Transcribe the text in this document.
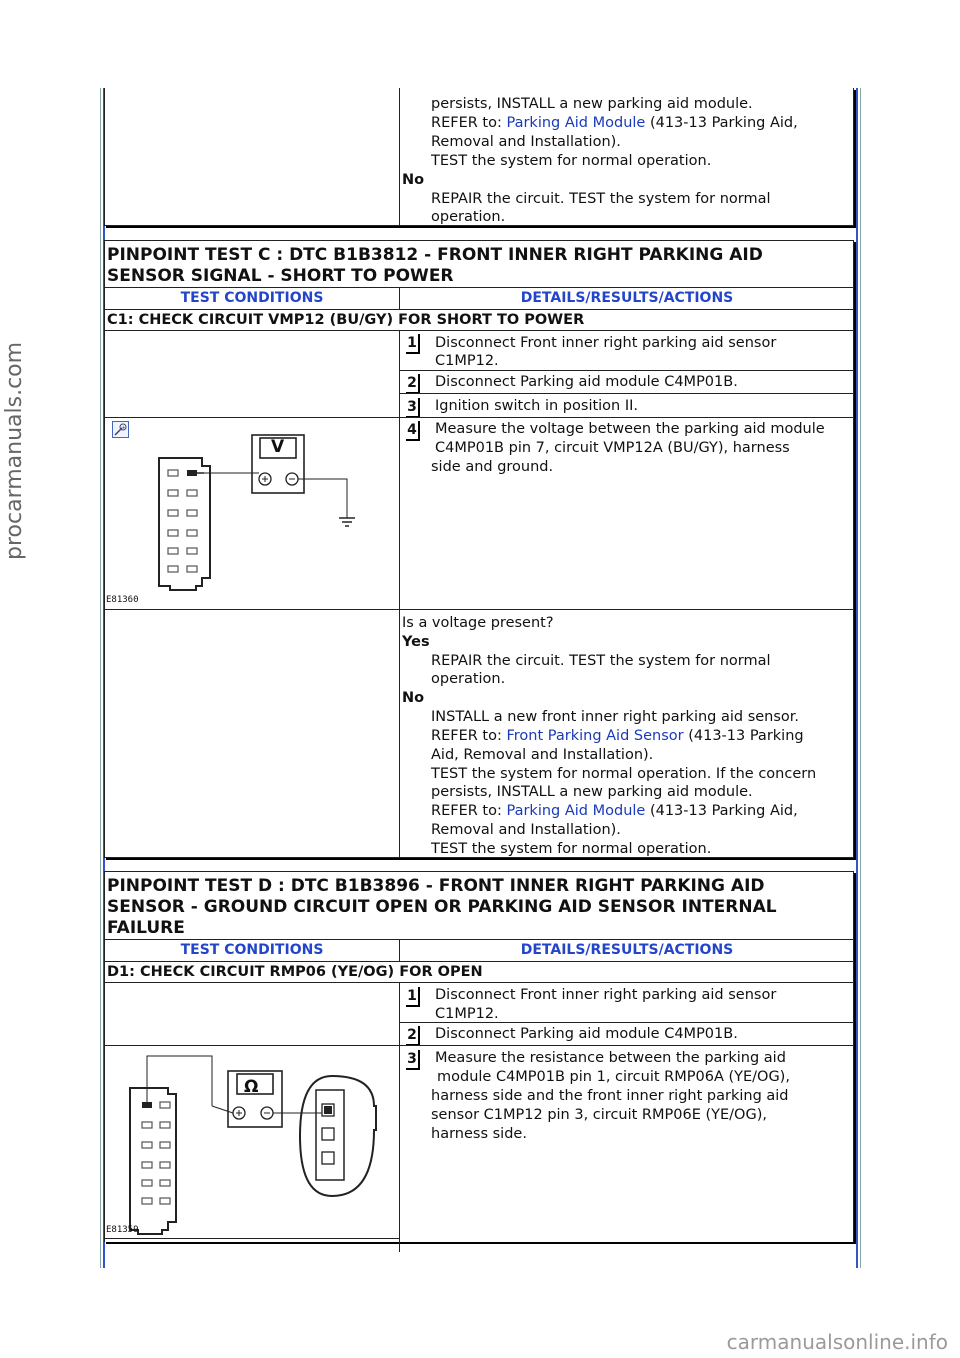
procarmanuals.com
carmanualsonline.info
persists, INSTALL a new parking aid module.
REFER to: Parking Aid Module (413-13 Parking Aid,
Removal and Installation).
TEST the system for normal operation.
No
REPAIR the circuit. TEST the system for normal
operation.
PINPOINT TEST C : DTC B1B3812 - FRONT INNER RIGHT PARKING AID
SENSOR SIGNAL - SHORT TO POWER
TEST CONDITIONS	DETAILS/RESULTS/ACTIONS
C1: CHECK CIRCUIT VMP12 (BU/GY) FOR SHORT TO POWER
1 Disconnect Front inner right parking aid sensor
C1MP12.
2 Disconnect Parking aid module C4MP01B.
3 Ignition switch in position II.
4 Measure the voltage between the parking aid module
C4MP01B pin 7, circuit VMP12A (BU/GY), harness
side and ground.
+
V
E81360
Is a voltage present?
Yes
REPAIR the circuit. TEST the system for normal
operation.
No
INSTALL a new front inner right parking aid sensor.
REFER to: Front Parking Aid Sensor (413-13 Parking
Aid, Removal and Installation).
TEST the system for normal operation. If the concern
persists, INSTALL a new parking aid module.
REFER to: Parking Aid Module (413-13 Parking Aid,
Removal and Installation).
TEST the system for normal operation.
PINPOINT TEST D : DTC B1B3896 - FRONT INNER RIGHT PARKING AID
SENSOR - GROUND CIRCUIT OPEN OR PARKING AID SENSOR INTERNAL
FAILURE
TEST CONDITIONS	DETAILS/RESULTS/ACTIONS
D1: CHECK CIRCUIT RMP06 (YE/OG) FOR OPEN
1 Disconnect Front inner right parking aid sensor
C1MP12.
2 Disconnect Parking aid module C4MP01B.
3 Measure the resistance between the parking aid
module C4MP01B pin 1, circuit RMP06A (YE/OG),
harness side and the front inner right parking aid
sensor C1MP12 pin 3, circuit RMP06E (YE/OG),
harness side.
Ω
E81359
